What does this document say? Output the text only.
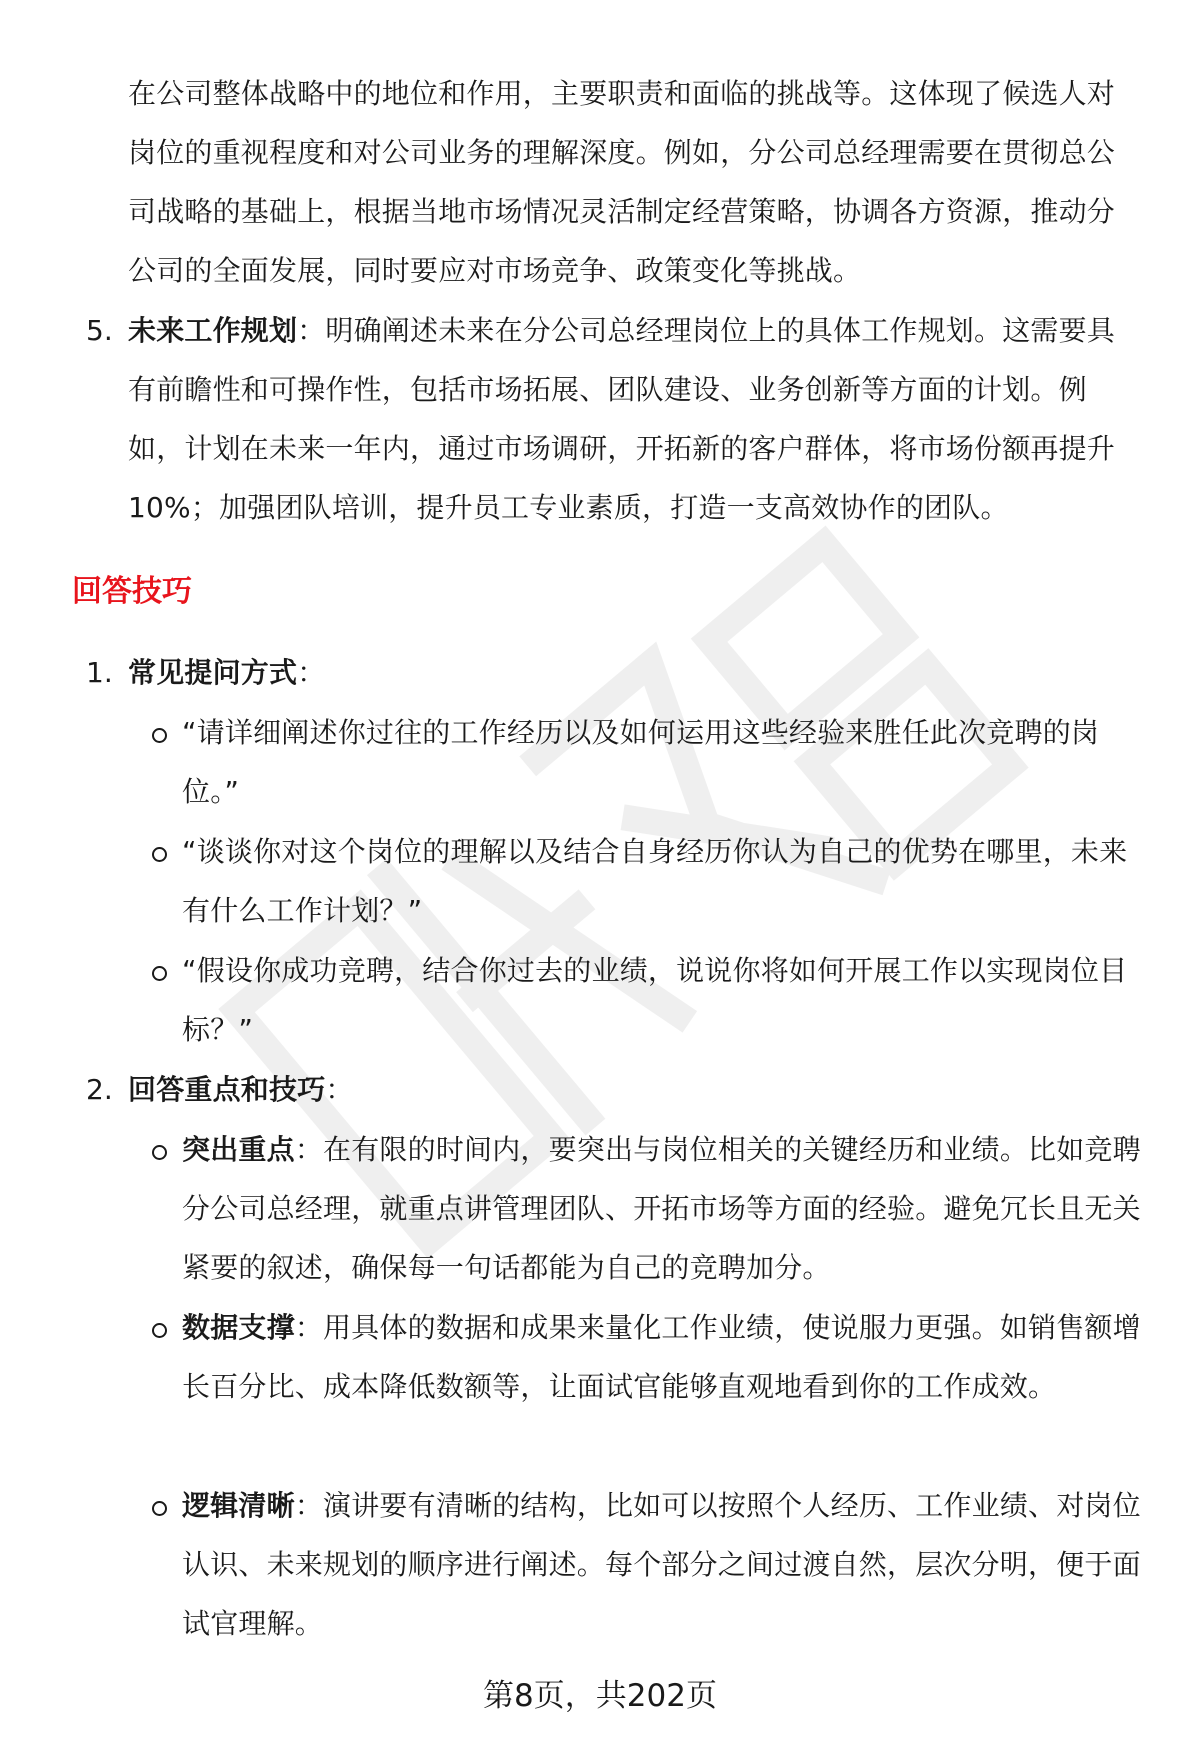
在公司整体战略中的地位和作用，主要职责和面临的挑战等。这体现了候选人对岗位的重视程度和对公司业务的理解深度。例如，分公司总经理需要在贯彻总公司战略的基础上，根据当地市场情况灵活制定经营策略，协调各方资源，推动分公司的全面发展，同时要应对市场竞争、政策变化等挑战。
5. 未来工作规划：明确阐述未来在分公司总经理岗位上的具体工作规划。这需要具有前瞻性和可操作性，包括市场拓展、团队建设、业务创新等方面的计划。例如，计划在未来一年内，通过市场调研，开拓新的客户群体，将市场份额再提升10%；加强团队培训，提升员工专业素质，打造一支高效协作的团队。
回答技巧
1. 常见提问方式：
“请详细阐述你过往的工作经历以及如何运用这些经验来胜任此次竞聘的岗位。”
“谈谈你对这个岗位的理解以及结合自身经历你认为自己的优势在哪里，未来有什么工作计划？”
“假设你成功竞聘，结合你过去的业绩，说说你将如何开展工作以实现岗位目标？”
2. 回答重点和技巧：
突出重点：在有限的时间内，要突出与岗位相关的关键经历和业绩。比如竞聘分公司总经理，就重点讲管理团队、开拓市场等方面的经验。避免冗长且无关紧要的叙述，确保每一句话都能为自己的竞聘加分。
数据支撑：用具体的数据和成果来量化工作业绩，使说服力更强。如销售额增长百分比、成本降低数额等，让面试官能够直观地看到你的工作成效。
逻辑清晰：演讲要有清晰的结构，比如可以按照个人经历、工作业绩、对岗位认识、未来规划的顺序进行阐述。每个部分之间过渡自然，层次分明，便于面试官理解。
第8页，共202页
